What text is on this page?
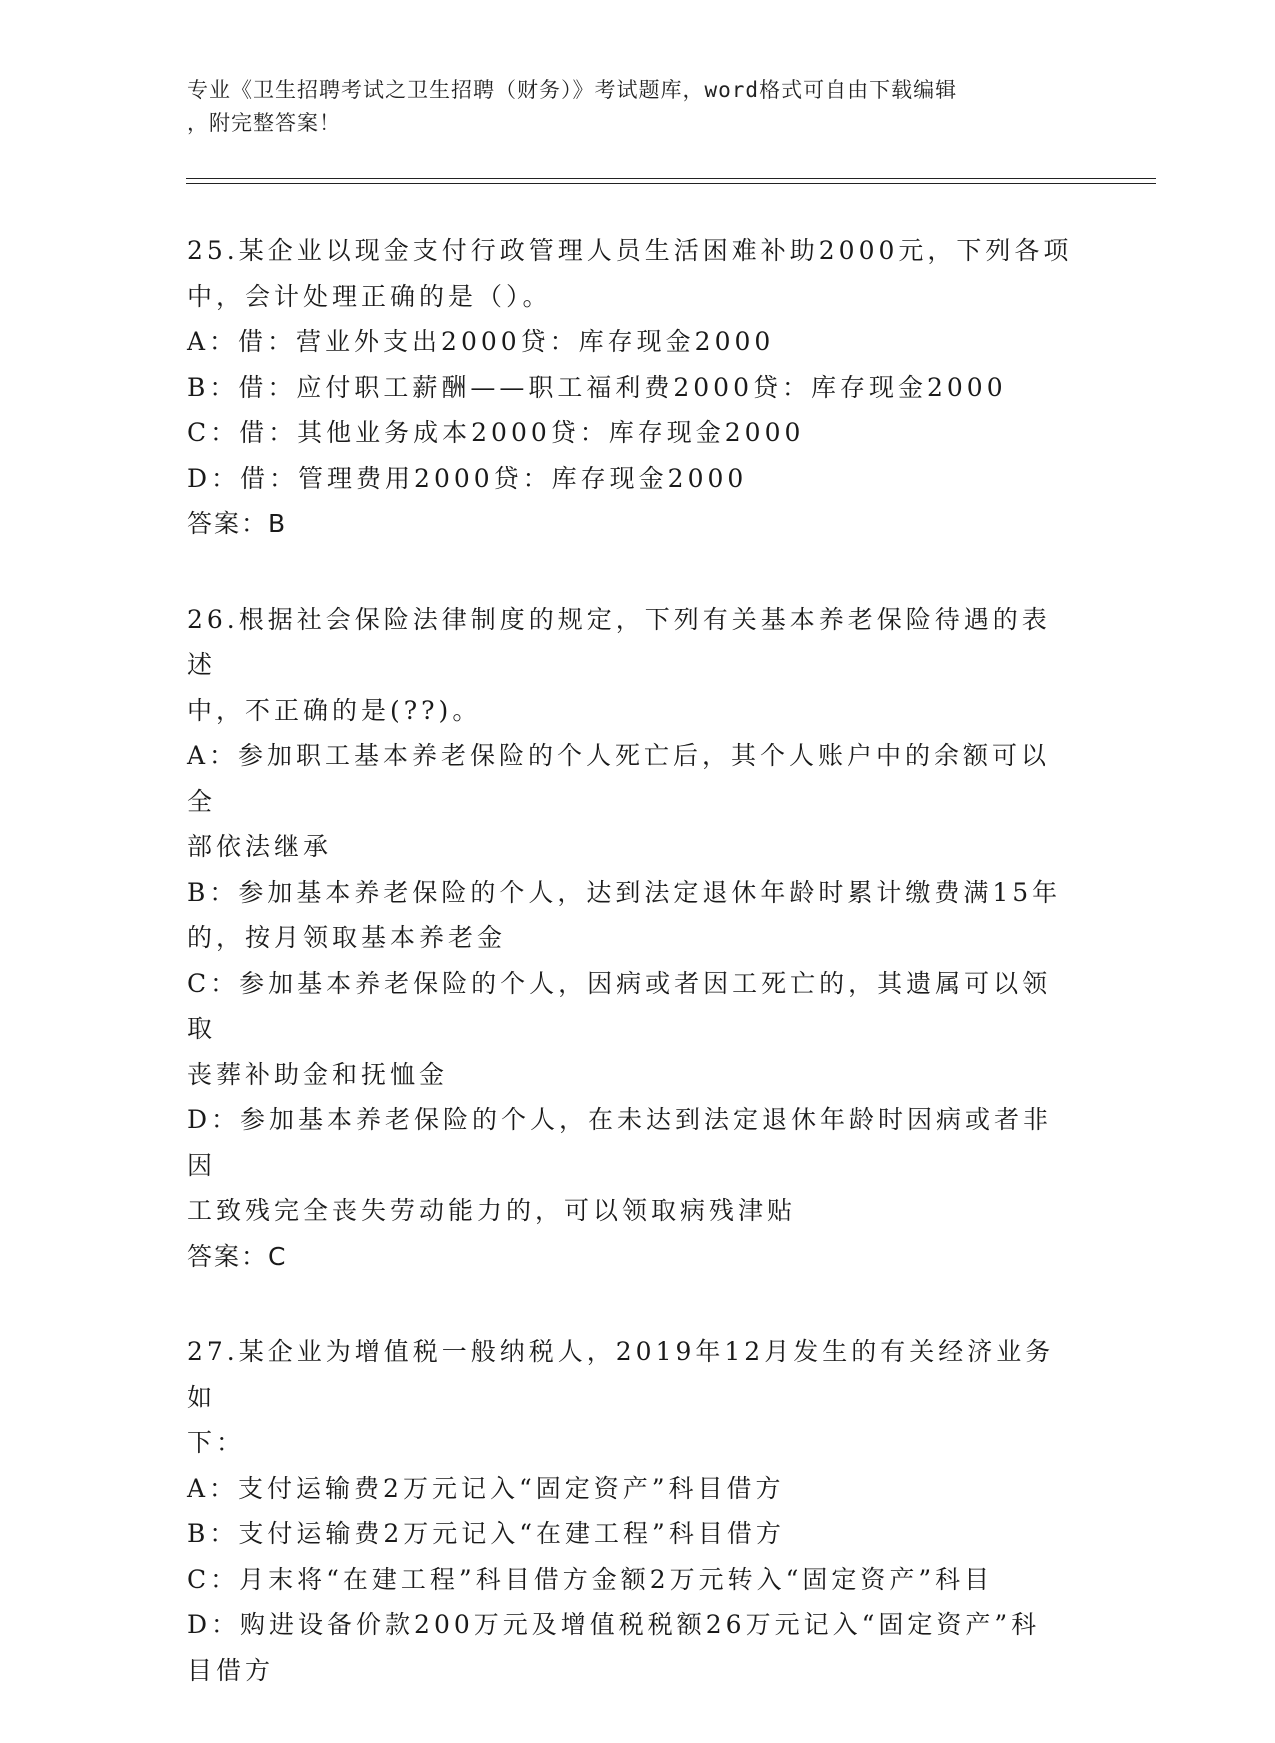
专业《卫生招聘考试之卫生招聘（财务）》考试题库，word格式可自由下载编辑
，附完整答案！
25.某企业以现金支付行政管理人员生活困难补助2000元，下列各项
中，会计处理正确的是（）。
A：借：营业外支出2000贷：库存现金2000
B：借：应付职工薪酬——职工福利费2000贷：库存现金2000
C：借：其他业务成本2000贷：库存现金2000
D：借：管理费用2000贷：库存现金2000
答案：B
26.根据社会保险法律制度的规定，下列有关基本养老保险待遇的表述
中，不正确的是(??)。
A：参加职工基本养老保险的个人死亡后，其个人账户中的余额可以全
部依法继承
B：参加基本养老保险的个人，达到法定退休年龄时累计缴费满15年
的，按月领取基本养老金
C：参加基本养老保险的个人，因病或者因工死亡的，其遗属可以领取
丧葬补助金和抚恤金
D：参加基本养老保险的个人，在未达到法定退休年龄时因病或者非因
工致残完全丧失劳动能力的，可以领取病残津贴
答案：C
27.某企业为增值税一般纳税人，2019年12月发生的有关经济业务如
下：
A：支付运输费2万元记入“固定资产”科目借方
B：支付运输费2万元记入“在建工程”科目借方
C：月末将“在建工程”科目借方金额2万元转入“固定资产”科目
D：购进设备价款200万元及增值税税额26万元记入“固定资产”科
目借方
